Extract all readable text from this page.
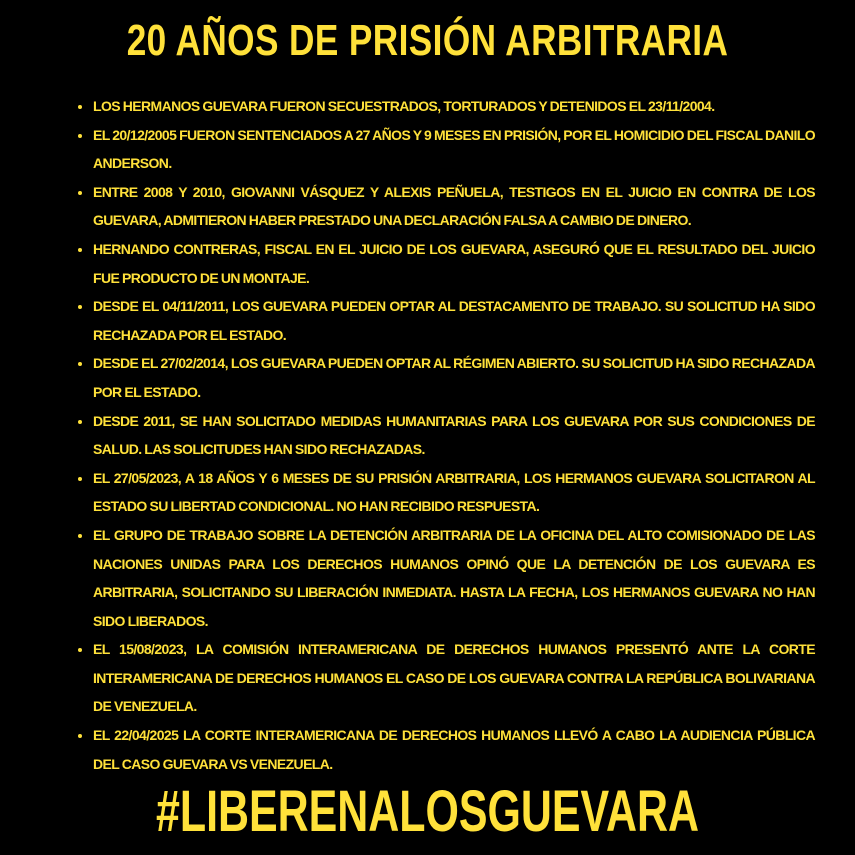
20 AÑOS DE PRISIÓN ARBITRARIA
• LOS HERMANOS GUEVARA FUERON SECUESTRADOS, TORTURADOS Y DETENIDOS EL 23/11/2004.
• EL 20/12/2005 FUERON SENTENCIADOS A 27 AÑOS Y 9 MESES EN PRISIÓN, POR EL HOMICIDIO DEL FISCAL DANILO ANDERSON.
• ENTRE 2008 Y 2010, GIOVANNI VÁSQUEZ Y ALEXIS PEÑUELA, TESTIGOS EN EL JUICIO EN CONTRA DE LOS GUEVARA, ADMITIERON HABER PRESTADO UNA DECLARACIÓN FALSA A CAMBIO DE DINERO.
• HERNANDO CONTRERAS, FISCAL EN EL JUICIO DE LOS GUEVARA, ASEGURÓ QUE EL RESULTADO DEL JUICIO FUE PRODUCTO DE UN MONTAJE.
• DESDE EL 04/11/2011, LOS GUEVARA PUEDEN OPTAR AL DESTACAMENTO DE TRABAJO. SU SOLICITUD HA SIDO RECHAZADA POR EL ESTADO.
• DESDE EL 27/02/2014, LOS GUEVARA PUEDEN OPTAR AL RÉGIMEN ABIERTO. SU SOLICITUD HA SIDO RECHAZADA POR EL ESTADO.
• DESDE 2011, SE HAN SOLICITADO MEDIDAS HUMANITARIAS PARA LOS GUEVARA POR SUS CONDICIONES DE SALUD. LAS SOLICITUDES HAN SIDO RECHAZADAS.
• EL 27/05/2023, A 18 AÑOS Y 6 MESES DE SU PRISIÓN ARBITRARIA, LOS HERMANOS GUEVARA SOLICITARON AL ESTADO SU LIBERTAD CONDICIONAL. NO HAN RECIBIDO RESPUESTA.
• EL GRUPO DE TRABAJO SOBRE LA DETENCIÓN ARBITRARIA DE LA OFICINA DEL ALTO COMISIONADO DE LAS NACIONES UNIDAS PARA LOS DERECHOS HUMANOS OPINÓ QUE LA DETENCIÓN DE LOS GUEVARA ES ARBITRARIA, SOLICITANDO SU LIBERACIÓN INMEDIATA. HASTA LA FECHA, LOS HERMANOS GUEVARA NO HAN SIDO LIBERADOS.
• EL 15/08/2023, LA COMISIÓN INTERAMERICANA DE DERECHOS HUMANOS PRESENTÓ ANTE LA CORTE INTERAMERICANA DE DERECHOS HUMANOS EL CASO DE LOS GUEVARA CONTRA LA REPÚBLICA BOLIVARIANA DE VENEZUELA.
• EL 22/04/2025 LA CORTE INTERAMERICANA DE DERECHOS HUMANOS LLEVÓ A CABO LA AUDIENCIA PÚBLICA DEL CASO GUEVARA VS VENEZUELA.
#LIBERENALOSGUEVARA
